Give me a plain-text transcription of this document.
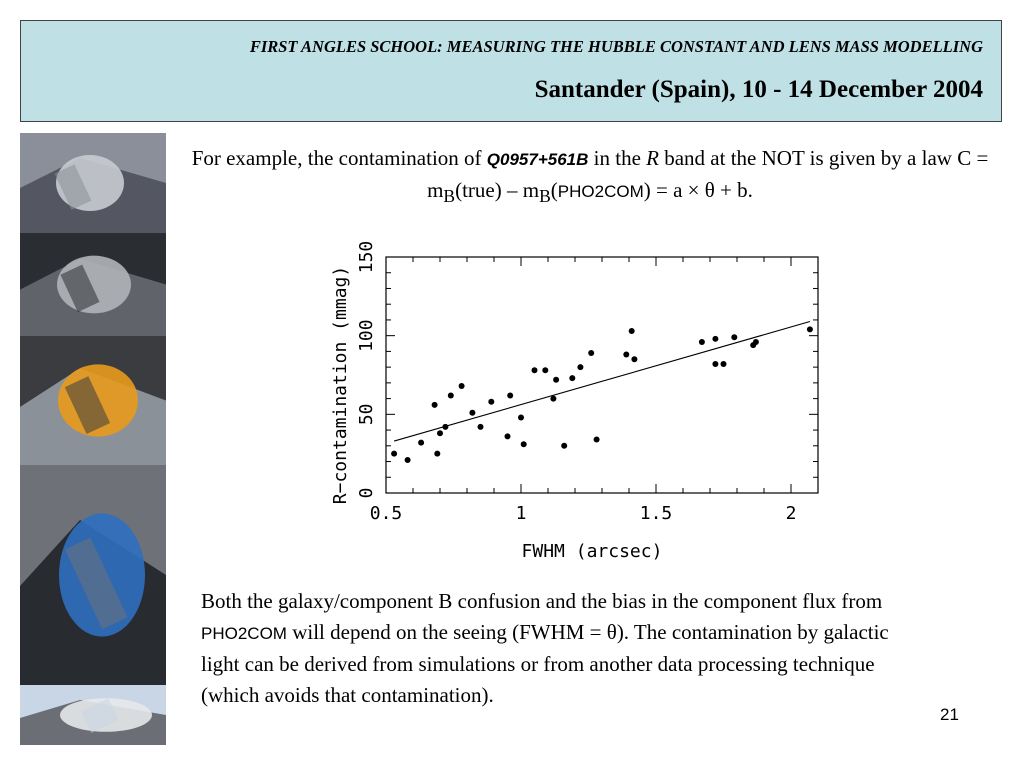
FIRST ANGLES SCHOOL: MEASURING THE HUBBLE CONSTANT AND LENS MASS MODELLING
Santander (Spain), 10 - 14 December 2004
For example, the contamination of Q0957+561B in the R band at the NOT is given by a law $C = m_B(true) - m_B(PHO2COM) = a \times \theta + b$.
0.5	1	1.5	2
0
50
100
150
FWHM (arcsec)
R−contamination (mmag)

Both the galaxy/component B confusion and the bias in the component flux from PHO2COM will depend on the seeing (FWHM = θ). The contamination by galactic light can be derived from simulations or from another data processing technique (which avoids that contamination).

21
